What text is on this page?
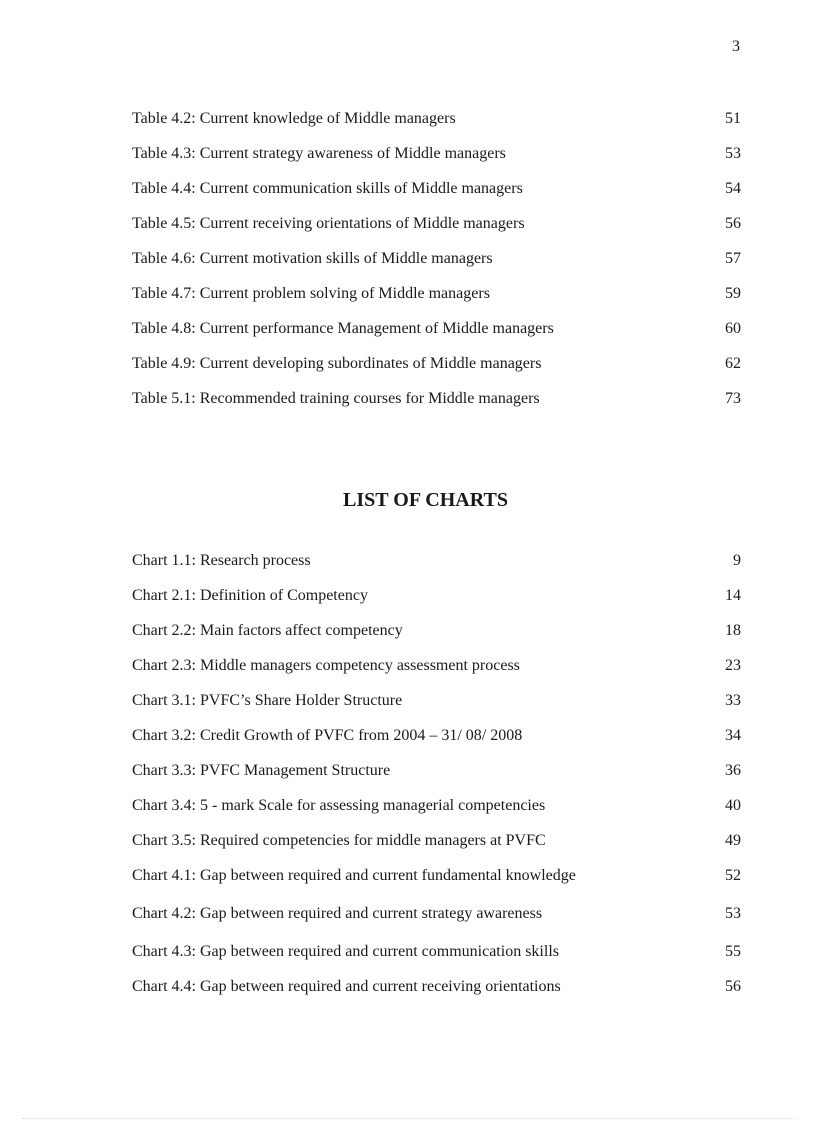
3
Table 4.2: Current knowledge of Middle managers	51
Table 4.3: Current strategy awareness of Middle managers	53
Table 4.4: Current communication skills of Middle managers	54
Table 4.5: Current receiving orientations of Middle managers	56
Table 4.6: Current motivation skills of Middle managers	57
Table 4.7: Current problem solving of Middle managers	59
Table 4.8: Current performance Management of Middle managers	60
Table 4.9: Current developing subordinates of Middle managers	62
Table 5.1: Recommended training courses for Middle managers	73
LIST OF CHARTS
Chart 1.1: Research process	9
Chart 2.1: Definition of Competency	14
Chart 2.2: Main factors affect competency	18
Chart 2.3: Middle managers competency assessment process	23
Chart 3.1: PVFC’s Share Holder Structure	33
Chart 3.2: Credit Growth of PVFC from 2004 – 31/ 08/ 2008	34
Chart 3.3: PVFC Management Structure	36
Chart 3.4: 5 - mark Scale for assessing managerial competencies	40
Chart 3.5: Required competencies for middle managers at PVFC	49
Chart 4.1: Gap between required and current fundamental knowledge	52
Chart 4.2: Gap between required and current strategy awareness	53
Chart 4.3: Gap between required and current communication skills	55
Chart 4.4: Gap between required and current receiving orientations	56
